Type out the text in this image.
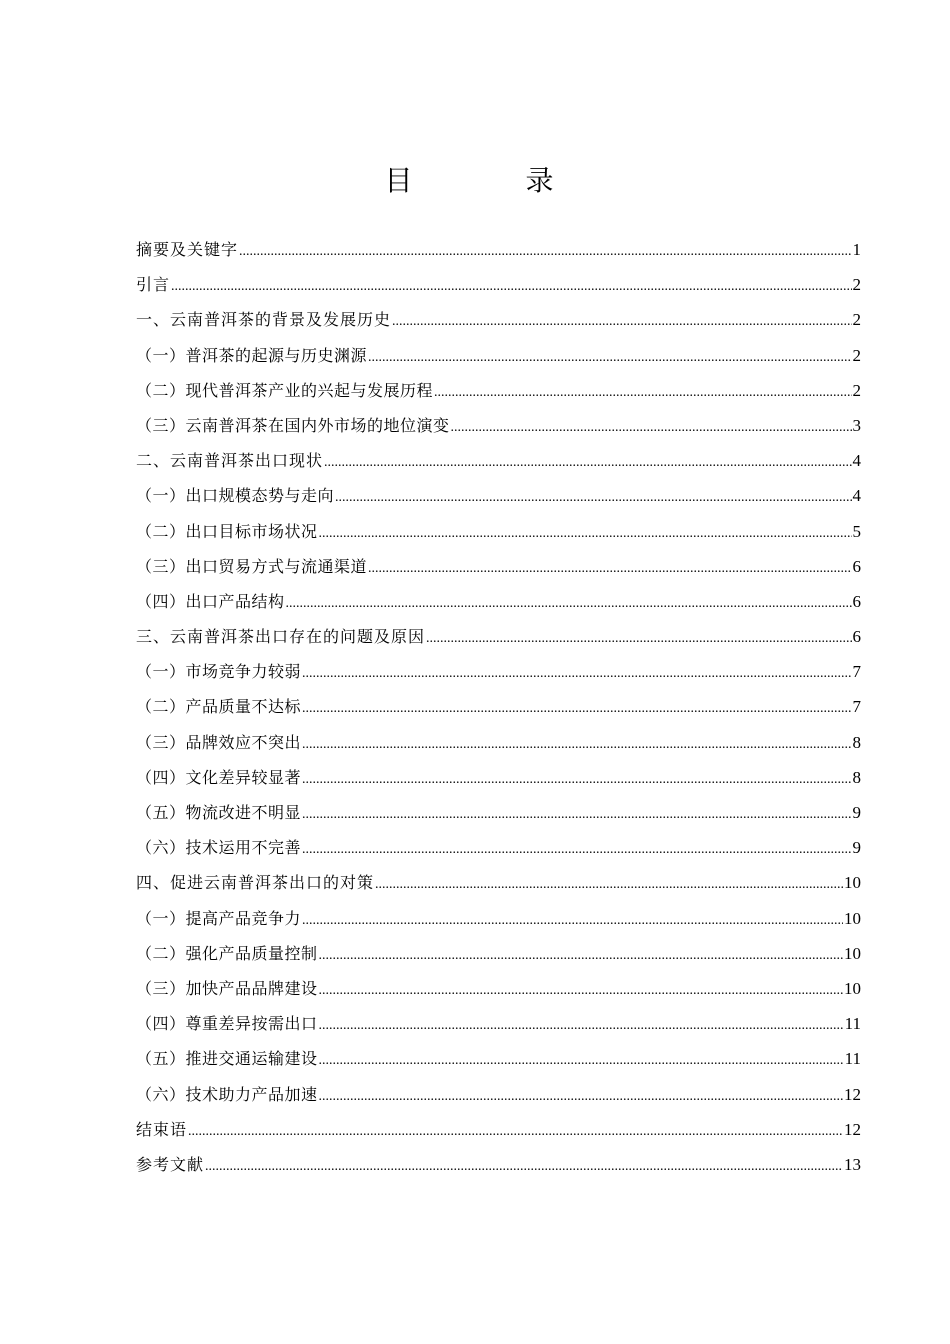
目 录
摘要及关键字 .....	1
引言 .....	2
一、云南普洱茶的背景及发展历史 .....	2
（一）普洱茶的起源与历史渊源 .....	2
（二）现代普洱茶产业的兴起与发展历程 .....	2
（三）云南普洱茶在国内外市场的地位演变 .....	3
二、云南普洱茶出口现状 .....	4
（一）出口规模态势与走向 .....	4
（二）出口目标市场状况 .....	5
（三）出口贸易方式与流通渠道 .....	6
（四）出口产品结构 .....	6
三、云南普洱茶出口存在的问题及原因 .....	6
（一）市场竞争力较弱 .....	7
（二）产品质量不达标 .....	7
（三）品牌效应不突出 .....	8
（四）文化差异较显著 .....	8
（五）物流改进不明显 .....	9
（六）技术运用不完善 .....	9
四、促进云南普洱茶出口的对策 .....	10
（一）提高产品竞争力 .....	10
（二）强化产品质量控制 .....	10
（三）加快产品品牌建设 .....	10
（四）尊重差异按需出口 .....	11
（五）推进交通运输建设 .....	11
（六）技术助力产品加速 .....	12
结束语 .....	12
参考文献 .....	13
